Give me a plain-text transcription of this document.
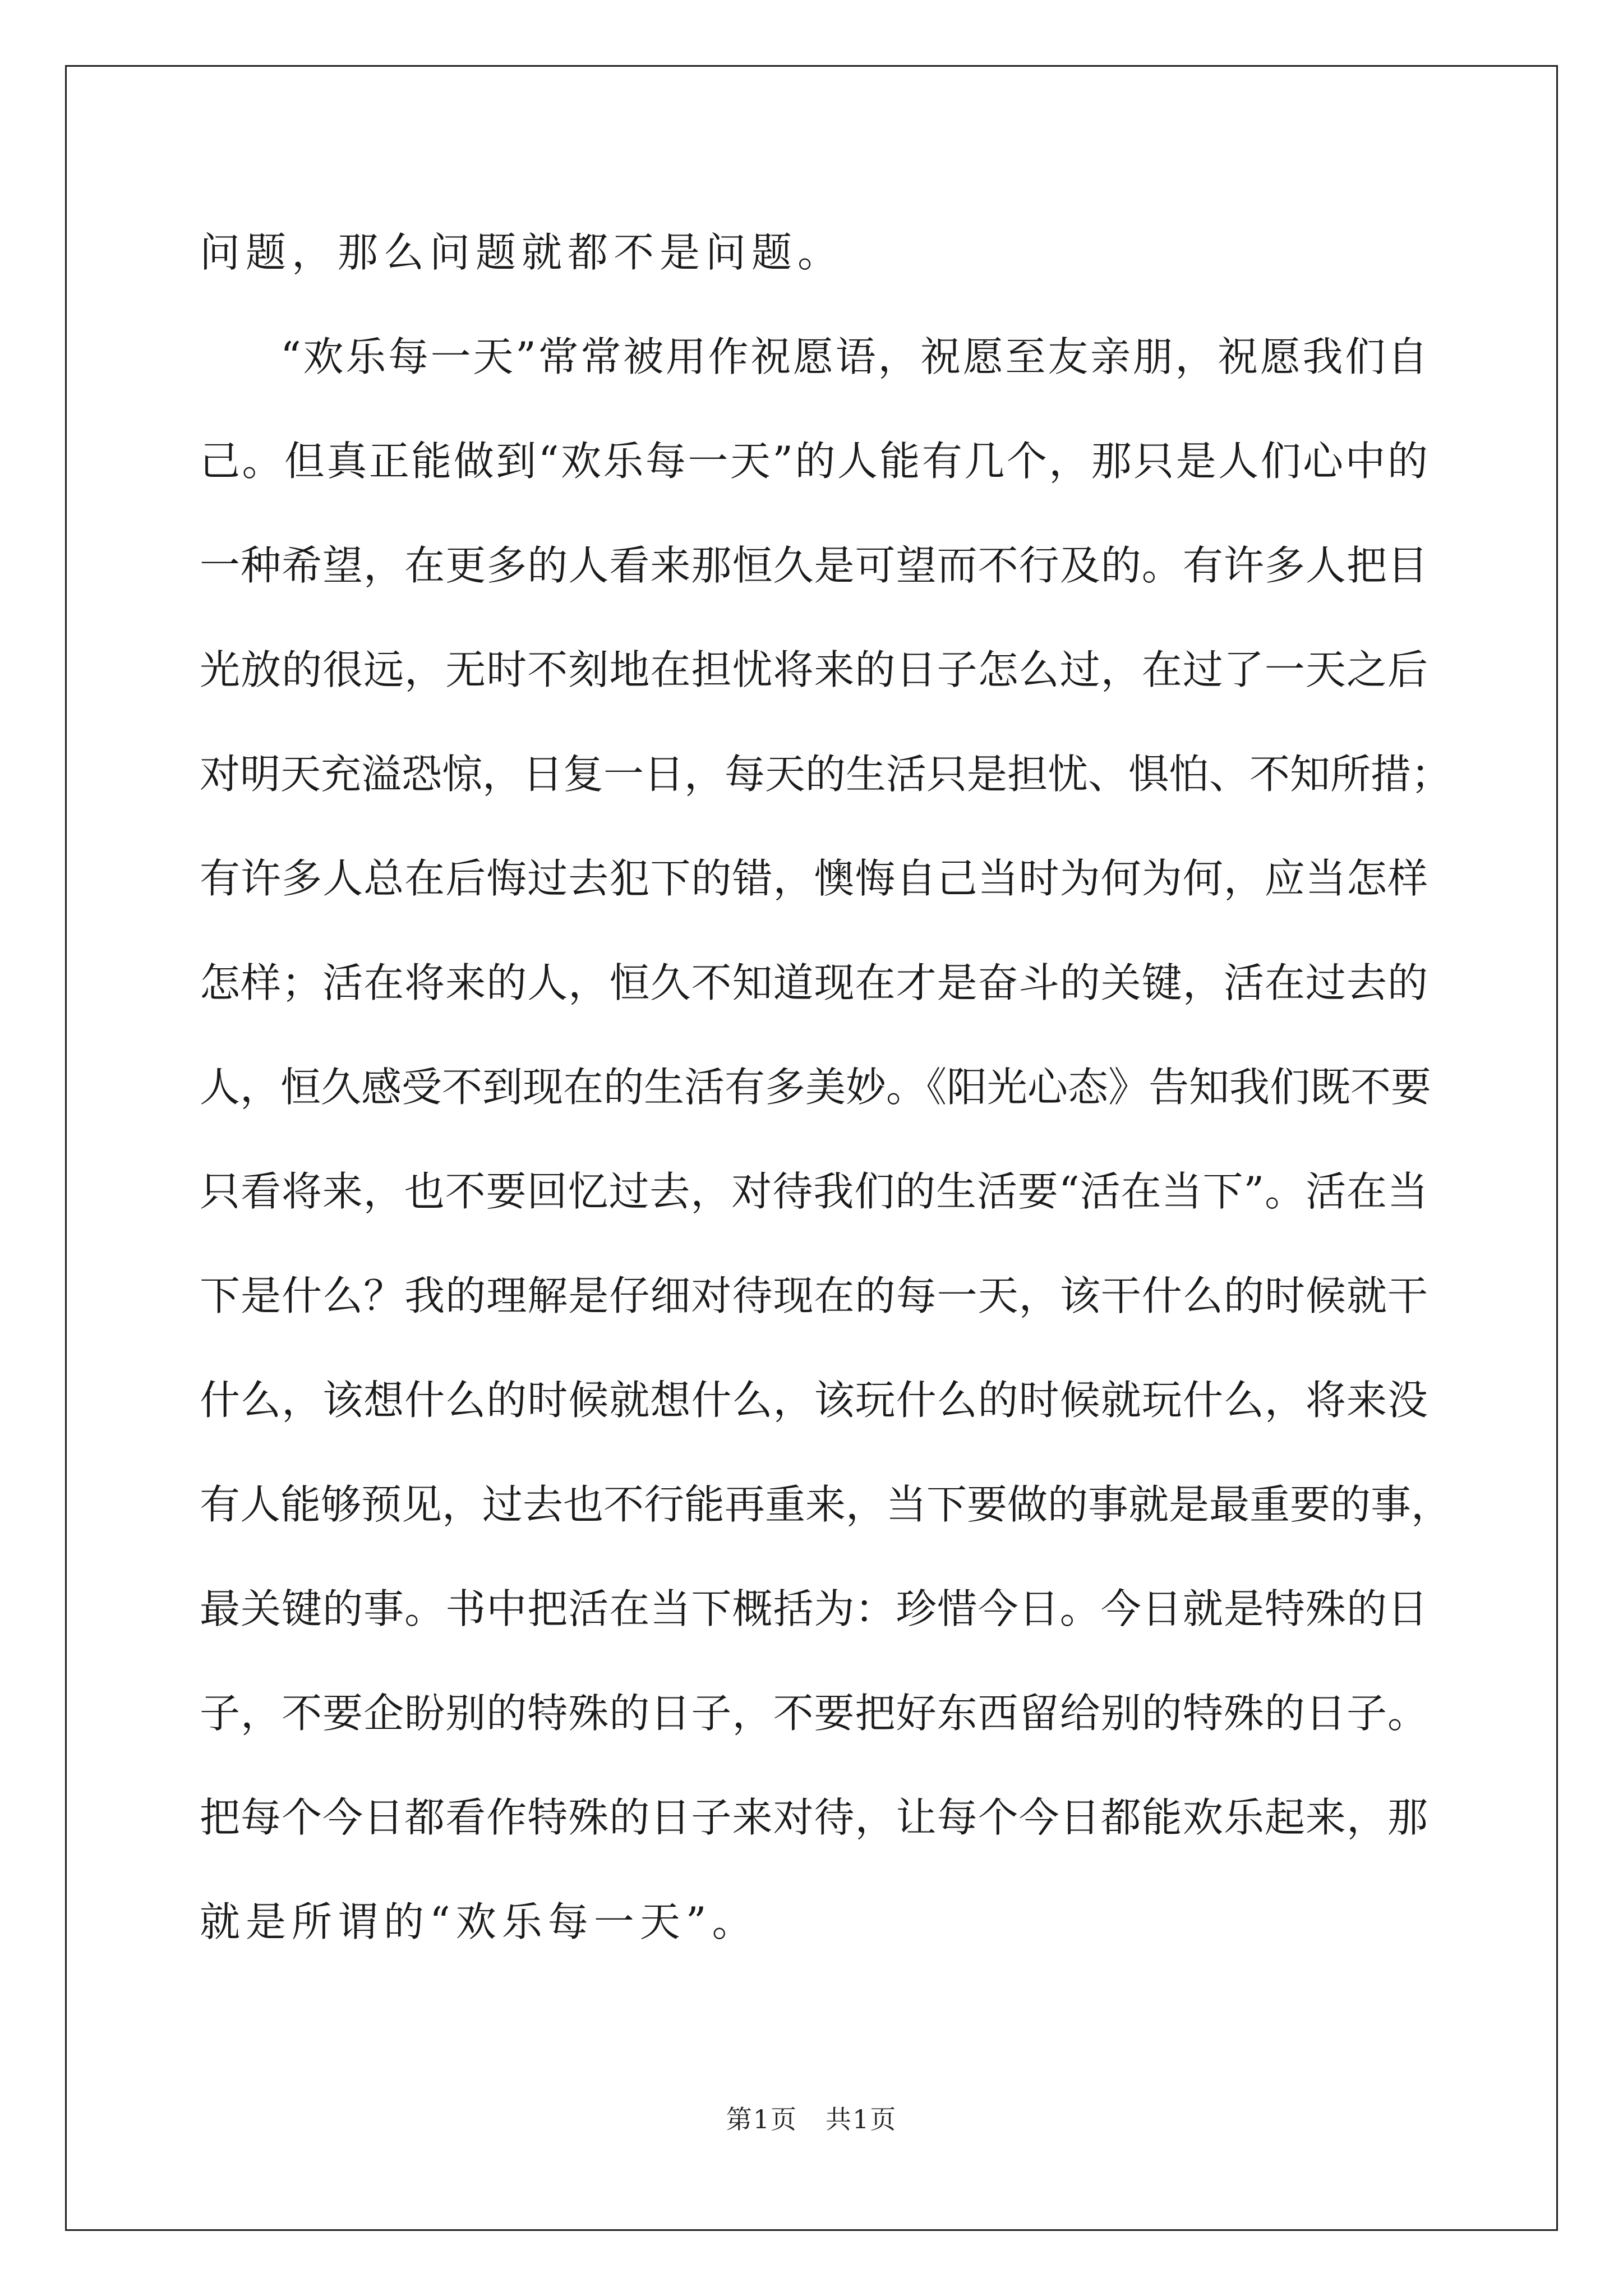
问题，那么问题就都不是问题。
“欢乐每一天”常常被用作祝愿语，祝愿至友亲朋，祝愿我们自
己。但真正能做到“欢乐每一天”的人能有几个，那只是人们心中的
一种希望，在更多的人看来那恒久是可望而不行及的。有许多人把目
光放的很远，无时不刻地在担忧将来的日子怎么过，在过了一天之后
对明天充溢恐惊，日复一日，每天的生活只是担忧、惧怕、不知所措；
有许多人总在后悔过去犯下的错，懊悔自己当时为何为何，应当怎样
怎样；活在将来的人，恒久不知道现在才是奋斗的关键，活在过去的
人，恒久感受不到现在的生活有多美妙。《阳光心态》告知我们既不要
只看将来，也不要回忆过去，对待我们的生活要“活在当下”。活在当
下是什么？我的理解是仔细对待现在的每一天，该干什么的时候就干
什么，该想什么的时候就想什么，该玩什么的时候就玩什么，将来没
有人能够预见，过去也不行能再重来，当下要做的事就是最重要的事，
最关键的事。书中把活在当下概括为：珍惜今日。今日就是特殊的日
子，不要企盼别的特殊的日子，不要把好东西留给别的特殊的日子。
把每个今日都看作特殊的日子来对待，让每个今日都能欢乐起来，那
就是所谓的“欢乐每一天”。
第1页 共1页
